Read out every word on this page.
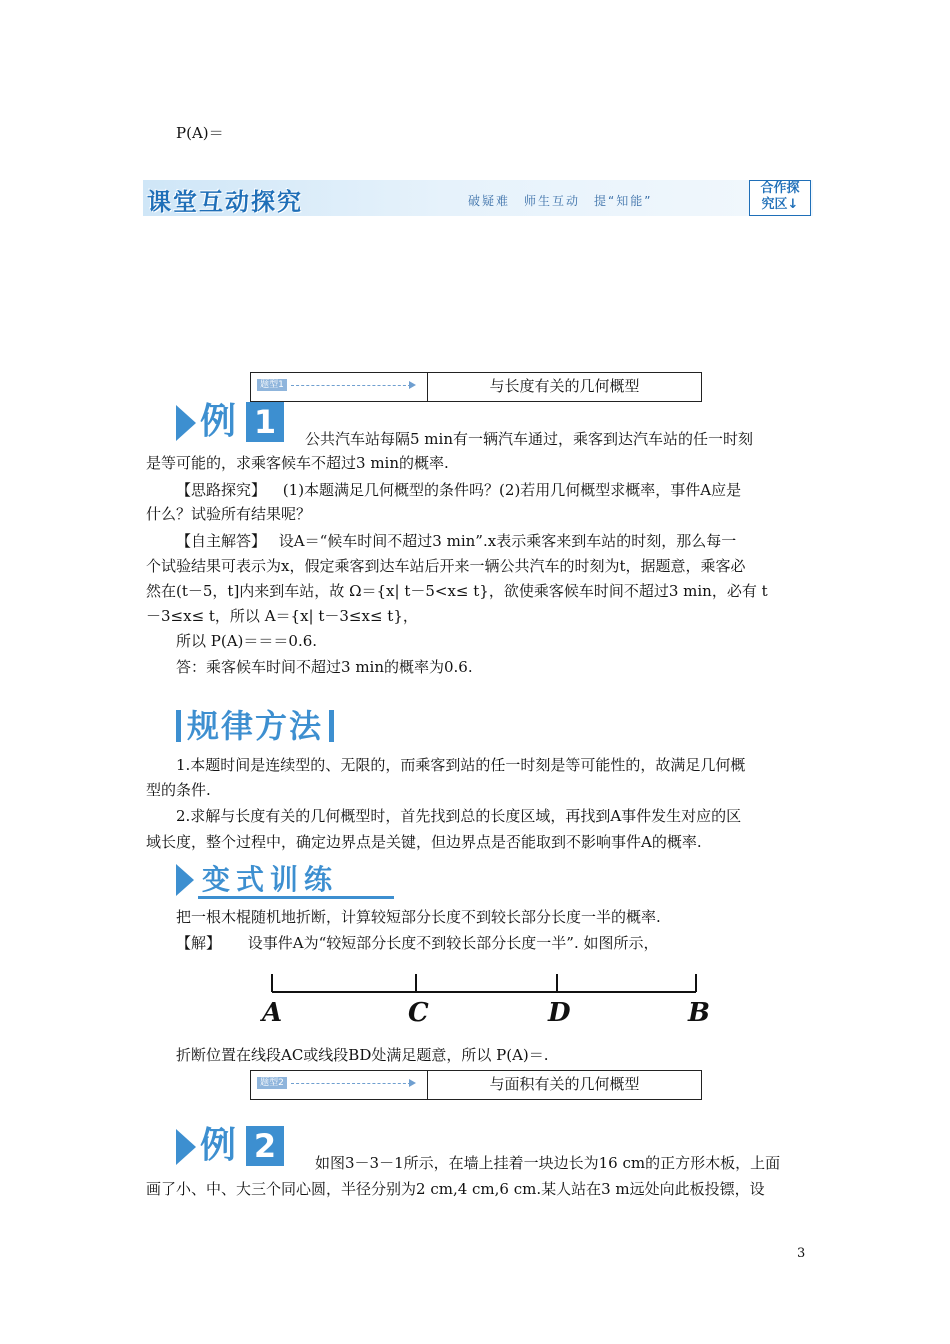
P(A)＝
课堂互动探究	破疑难　师生互动　提“知能”
合作探
究区↓
题型1	与长度有关的几何概型
例 1	公共汽车站每隔5 min有一辆汽车通过，乘客到达汽车站的任一时刻
是等可能的，求乘客候车不超过3 min的概率.
【思路探究】 (1)本题满足几何概型的条件吗？(2)若用几何概型求概率，事件A应是
什么？试验所有结果呢？
【自主解答】 设A＝“候车时间不超过3 min”.x表示乘客来到车站的时刻，那么每一
个试验结果可表示为x，假定乘客到达车站后开来一辆公共汽车的时刻为t，据题意，乘客必
然在(t－5，t]内来到车站，故 Ω＝{x| t－5<x≤ t}，欲使乘客候车时间不超过3 min，必有 t
－3≤x≤ t，所以 A＝{x| t－3≤x≤ t}，
所以 P(A)＝＝＝0.6.
答：乘客候车时间不超过3 min的概率为0.6.
规律方法
1.本题时间是连续型的、无限的，而乘客到站的任一时刻是等可能性的，故满足几何概
型的条件.
2.求解与长度有关的几何概型时，首先找到总的长度区域，再找到A事件发生对应的区
域长度，整个过程中，确定边界点是关键，但边界点是否能取到不影响事件A的概率.
变式训练
把一根木棍随机地折断，计算较短部分长度不到较长部分长度一半的概率.
【解】 设事件A为“较短部分长度不到较长部分长度一半”. 如图所示，
A	C	D	B
折断位置在线段AC或线段BD处满足题意，所以 P(A)＝.
题型2	与面积有关的几何概型
例 2	如图3－3－1所示，在墙上挂着一块边长为16 cm的正方形木板，上面
画了小、中、大三个同心圆，半径分别为2 cm,4 cm,6 cm.某人站在3 m远处向此板投镖，设
3
